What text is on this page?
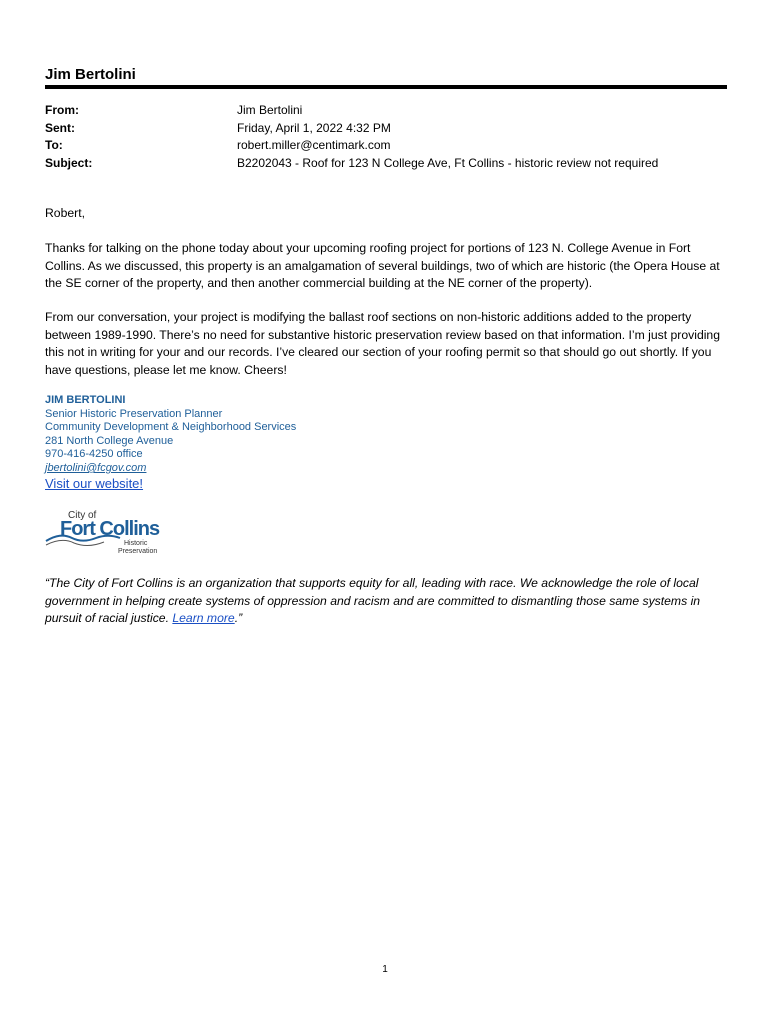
Jim Bertolini
From:	Jim Bertolini
Sent:	Friday, April 1, 2022 4:32 PM
To:	robert.miller@centimark.com
Subject:	B2202043 - Roof for 123 N College Ave, Ft Collins - historic review not required
Robert,
Thanks for talking on the phone today about your upcoming roofing project for portions of 123 N. College Avenue in Fort Collins. As we discussed, this property is an amalgamation of several buildings, two of which are historic (the Opera House at the SE corner of the property, and then another commercial building at the NE corner of the property).
From our conversation, your project is modifying the ballast roof sections on non-historic additions added to the property between 1989-1990. There’s no need for substantive historic preservation review based on that information. I’m just providing this not in writing for your and our records. I’ve cleared our section of your roofing permit so that should go out shortly. If you have questions, please let me know. Cheers!
JIM BERTOLINI
Senior Historic Preservation Planner
Community Development & Neighborhood Services
281 North College Avenue
970-416-4250 office
jbertolini@fcgov.com
Visit our website!
City of
Fort Collins
Historic
Preservation
“The City of Fort Collins is an organization that supports equity for all, leading with race. We acknowledge the role of local government in helping create systems of oppression and racism and are committed to dismantling those same systems in pursuit of racial justice. Learn more.”
1
